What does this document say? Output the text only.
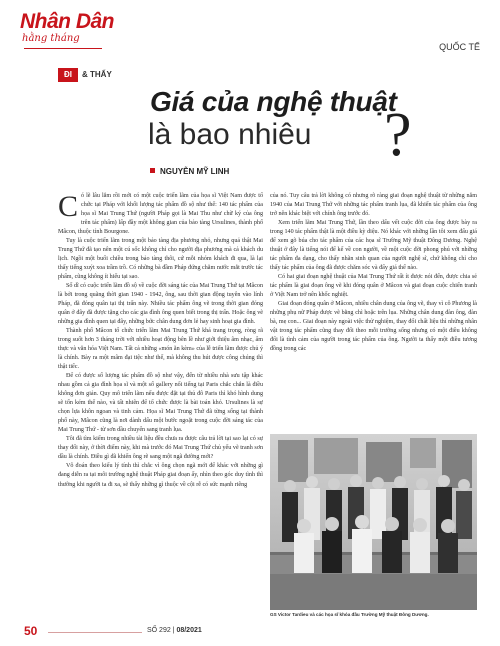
Nhân Dân
hằng tháng
QUỐC TẾ
ĐI & THẤY
Giá của nghệ thuật
là bao nhiêu ?
NGUYỄN MỸ LINH

Có lẽ lâu lắm rồi mới có một cuộc triển lãm của họa sĩ Việt Nam được tổ chức tại Pháp với khối lượng tác phẩm đồ sộ như thế: 140 tác phẩm của họa sĩ Mai Trung Thứ (người Pháp gọi là Mai Thu như chữ ký của ông trên tác phẩm) lấp đầy một không gian của bảo tàng Ursulines, thành phố Mâcon, thuộc tỉnh Bourgone.

Tuy là cuộc triển lãm trong một bảo tàng địa phương nhỏ, nhưng quả thật Mai Trung Thứ đã tạo nên một cú sốc không chỉ cho người địa phương mà cả khách du lịch. Ngồi một buổi chiều trong bảo tàng thôi, cứ mỗi nhóm khách đi qua, là lại thấy tiếng xuýt xoa trầm trồ. Có những bà đầm Pháp đứng chăm nước mắt trước tác phẩm, cũng không ít hiếu tại sao.

Số dĩ có cuộc triển lãm đồ sộ về cuộc đời sáng tác của Mai Trung Thứ tại Mâcon là bởi trong quãng thời gian 1940 - 1942, ông, sau thời gian động tuyên vào lính Pháp, đã đóng quân tại thị trấn này. Nhiều tác phẩm ông vẽ trong thời gian đóng quân ở đây đã được tặng cho các gia đình ông quen biết trong thị trấn. Hoặc ông vẽ những gia đình quen tại đây, những bức chân dung đơn lẻ hay sinh hoạt gia đình.

Thành phố Mâcon tổ chức triển lãm Mai Trung Thứ khá trang trọng, ròng rã trong suốt hơn 3 tháng trời với nhiều hoạt động bên lề như giới thiệu âm nhạc, ẩm thực và văn hóa Việt Nam. Tất cả những «món ăn kèm» của lễ triển lãm được chủ ý là chính. Bày ra một mâm đại tiệc như thế, mà không thu hút được công chúng thì thật tiếc.

Để có được số lượng tác phẩm đồ sộ như vậy, đến từ nhiều nhà sưu tập khác nhau gồm cả gia đình họa sĩ và một số gallery nổi tiếng tại Paris chắc chắn là điều không đơn giản. Quy mô triển lãm nếu được đặt tại thủ đô Paris thì khó hình dung sẽ tốn kém thế nào, và tất nhiên để tổ chức được là bài toán khó. Ursulines là sự chọn lựa khôn ngoan và tinh cảm. Họa sĩ Mai Trung Thứ đã từng sống tại thành phố này, Mâcon cũng là nơi dành dấu một bước ngoặt trong cuộc đời sáng tác của Mai Trung Thứ - từ sơn dầu chuyển sang tranh lụa.

Tôi đã tìm kiếm trong nhiều tài liệu đều chưa ra được câu trả lời tại sao lại có sự thay đổi này, ở thời điểm này, khi mà trước đó Mai Trung Thứ chủ yếu vẽ tranh sơn dầu là chính. Điều gì đã khiến ông rẽ sang một ngã đường mới?

Vô đoán theo kiểu lý tính thì chắc vì ông chọn ngã mới để khác với những gì đang diễn ra tại môi trường nghệ thuật Pháp giai đoạn ấy, nhìn theo góc duy tình thì thường khi người ta đi xa, sẽ thấy những gì thuộc về cội rễ có sức mạnh riêng

của nó. Tuy câu trả lời không có nhưng rõ ràng giai đoạn nghệ thuật từ những năm 1940 của Mai Trung Thứ với những tác phẩm tranh lụa, đã khiến tác phẩm của ông trở nên khác biệt với chính ông trước đó.

Xem triển lãm Mai Trung Thứ, lần theo dấu vết cuộc đời của ông được bày ra trong 140 tác phẩm thật là một điều kỳ diệu. Nó khác với những lần tôi xem đấu giá để xem gõ búa cho tác phẩm của các họa sĩ Trường Mỹ thuật Đông Dương. Nghệ thuật ở đây là tiếng nói để kể về con người, về một cuộc đời phong phú với những tác phẩm đa dạng, cho thấy nhãn sinh quan của người nghệ sĩ, chứ không chỉ cho thấy tác phẩm của ông đã được chăm sóc và đẩy giá thế nào.

Có hai giai đoạn nghệ thuật của Mai Trung Thứ rất ít được nói đến, được chia sẻ tác phẩm là giai đoạn ông vẽ khi đóng quân ở Mâcon và giai đoạn cuộc chiến tranh ở Việt Nam trở nên khốc nghiệt.

Giai đoạn đóng quân ở Mâcon, nhiều chân dung của ông vẽ, thay vì cô Phương là những phụ nữ Pháp được vẽ bằng chì hoặc trên lụa. Những chân dung đàn ông, đàn bà, mẹ con... Giai đoạn này ngoài việc thử nghiệm, thay đổi chất liệu thì những nhân vật trong tác phẩm cũng thay đổi theo mỗi trường sống nhưng có một điều không đổi là tình cảm của người trong tác phẩm của ông. Người ta thấy một điều tương đồng trong các

GS Victor Tardieu và các họa sĩ khóa đầu Trường Mỹ thuật Đông Dương.
50	SỐ 292 | 08/2021
